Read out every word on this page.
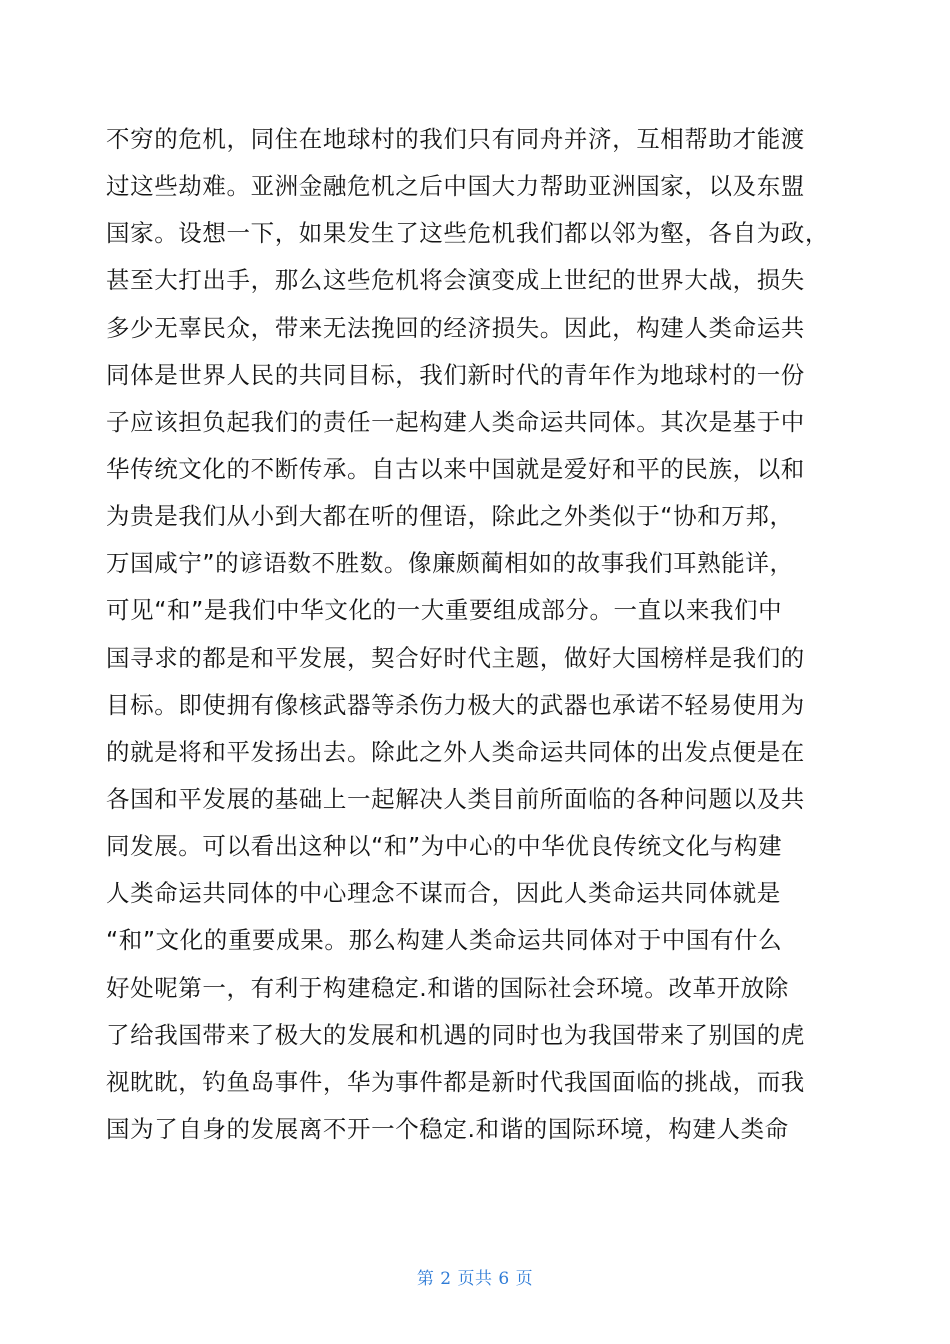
不穷的危机，同住在地球村的我们只有同舟并济，互相帮助才能渡
过这些劫难。亚洲金融危机之后中国大力帮助亚洲国家，以及东盟
国家。设想一下，如果发生了这些危机我们都以邻为壑，各自为政，
甚至大打出手，那么这些危机将会演变成上世纪的世界大战，损失
多少无辜民众，带来无法挽回的经济损失。因此，构建人类命运共
同体是世界人民的共同目标，我们新时代的青年作为地球村的一份
子应该担负起我们的责任一起构建人类命运共同体。其次是基于中
华传统文化的不断传承。自古以来中国就是爱好和平的民族，以和
为贵是我们从小到大都在听的俚语，除此之外类似于“协和万邦，
万国咸宁”的谚语数不胜数。像廉颇蔺相如的故事我们耳熟能详，
可见“和”是我们中华文化的一大重要组成部分。一直以来我们中
国寻求的都是和平发展，契合好时代主题，做好大国榜样是我们的
目标。即使拥有像核武器等杀伤力极大的武器也承诺不轻易使用为
的就是将和平发扬出去。除此之外人类命运共同体的出发点便是在
各国和平发展的基础上一起解决人类目前所面临的各种问题以及共
同发展。可以看出这种以“和”为中心的中华优良传统文化与构建
人类命运共同体的中心理念不谋而合，因此人类命运共同体就是
“和”文化的重要成果。那么构建人类命运共同体对于中国有什么
好处呢第一，有利于构建稳定.和谐的国际社会环境。改革开放除
了给我国带来了极大的发展和机遇的同时也为我国带来了别国的虎
视眈眈，钓鱼岛事件，华为事件都是新时代我国面临的挑战，而我
国为了自身的发展离不开一个稳定.和谐的国际环境，构建人类命
第 2 页共 6 页
